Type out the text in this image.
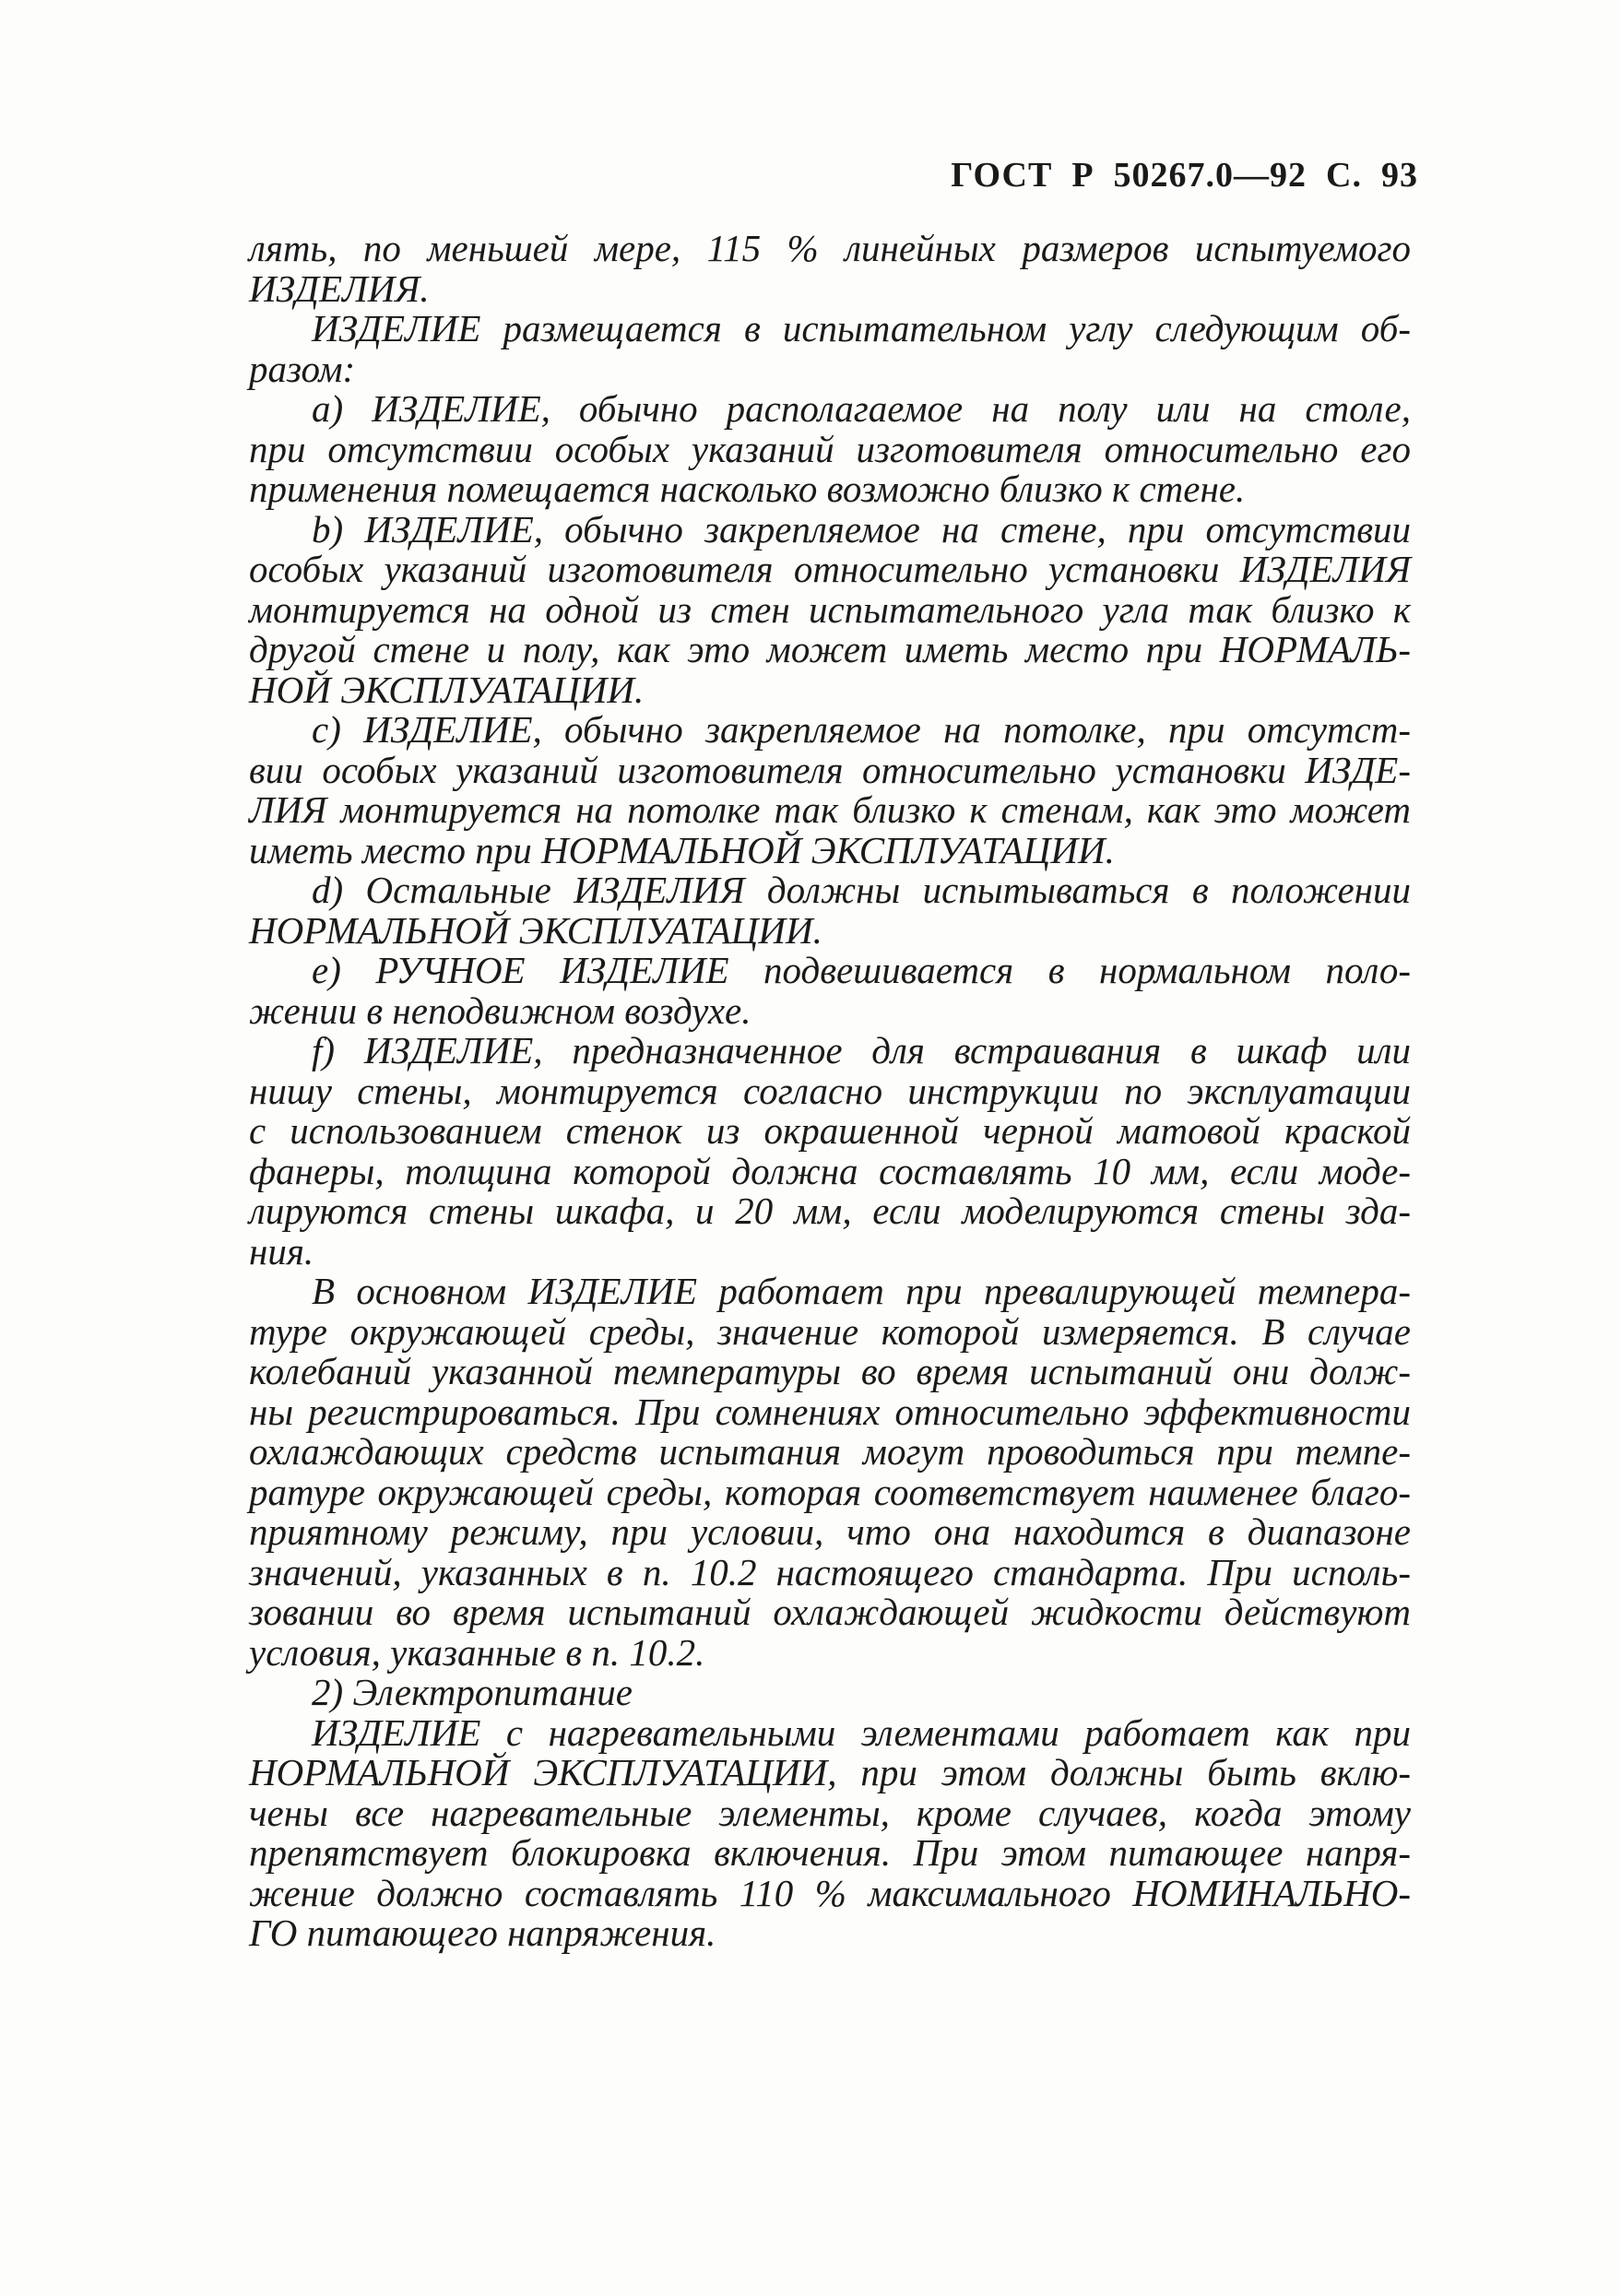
ГОСТ  Р  50267.0—92  С.  93
лять, по меньшей мере, 115 % линейных размеров испытуемого
ИЗДЕЛИЯ.
ИЗДЕЛИЕ размещается в испытательном углу следующим об-
разом:
a) ИЗДЕЛИЕ, обычно располагаемое на полу или на столе,
при отсутствии особых указаний изготовителя относительно его
применения помещается насколько возможно близко к стене.
b) ИЗДЕЛИЕ, обычно закрепляемое на стене, при отсутствии
особых указаний изготовителя относительно установки ИЗДЕЛИЯ
монтируется на одной из стен испытательного угла так близко к
другой стене и полу, как это может иметь место при НОРМАЛЬ-
НОЙ ЭКСПЛУАТАЦИИ.
c) ИЗДЕЛИЕ, обычно закрепляемое на потолке, при отсутст-
вии особых указаний изготовителя относительно установки ИЗДЕ-
ЛИЯ монтируется на потолке так близко к стенам, как это может
иметь место при НОРМАЛЬНОЙ ЭКСПЛУАТАЦИИ.
d) Остальные ИЗДЕЛИЯ должны испытываться в положении
НОРМАЛЬНОЙ ЭКСПЛУАТАЦИИ.
e) РУЧНОЕ ИЗДЕЛИЕ подвешивается в нормальном поло-
жении в неподвижном воздухе.
f) ИЗДЕЛИЕ, предназначенное для встраивания в шкаф или
нишу стены, монтируется согласно инструкции по эксплуатации
с использованием стенок из окрашенной черной матовой краской
фанеры, толщина которой должна составлять 10 мм, если моде-
лируются стены шкафа, и 20 мм, если моделируются стены зда-
ния.
В основном ИЗДЕЛИЕ работает при превалирующей темпера-
туре окружающей среды, значение которой измеряется. В случае
колебаний указанной температуры во время испытаний они долж-
ны регистрироваться. При сомнениях относительно эффективности
охлаждающих средств испытания могут проводиться при темпе-
ратуре окружающей среды, которая соответствует наименее благо-
приятному режиму, при условии, что она находится в диапазоне
значений, указанных в п. 10.2 настоящего стандарта. При исполь-
зовании во время испытаний охлаждающей жидкости действуют
условия, указанные в п. 10.2.
2) Электропитание
ИЗДЕЛИЕ с нагревательными элементами работает как при
НОРМАЛЬНОЙ ЭКСПЛУАТАЦИИ, при этом должны быть вклю-
чены все нагревательные элементы, кроме случаев, когда этому
препятствует блокировка включения. При этом питающее напря-
жение должно составлять 110 % максимального НОМИНАЛЬНО-
ГО питающего напряжения.
